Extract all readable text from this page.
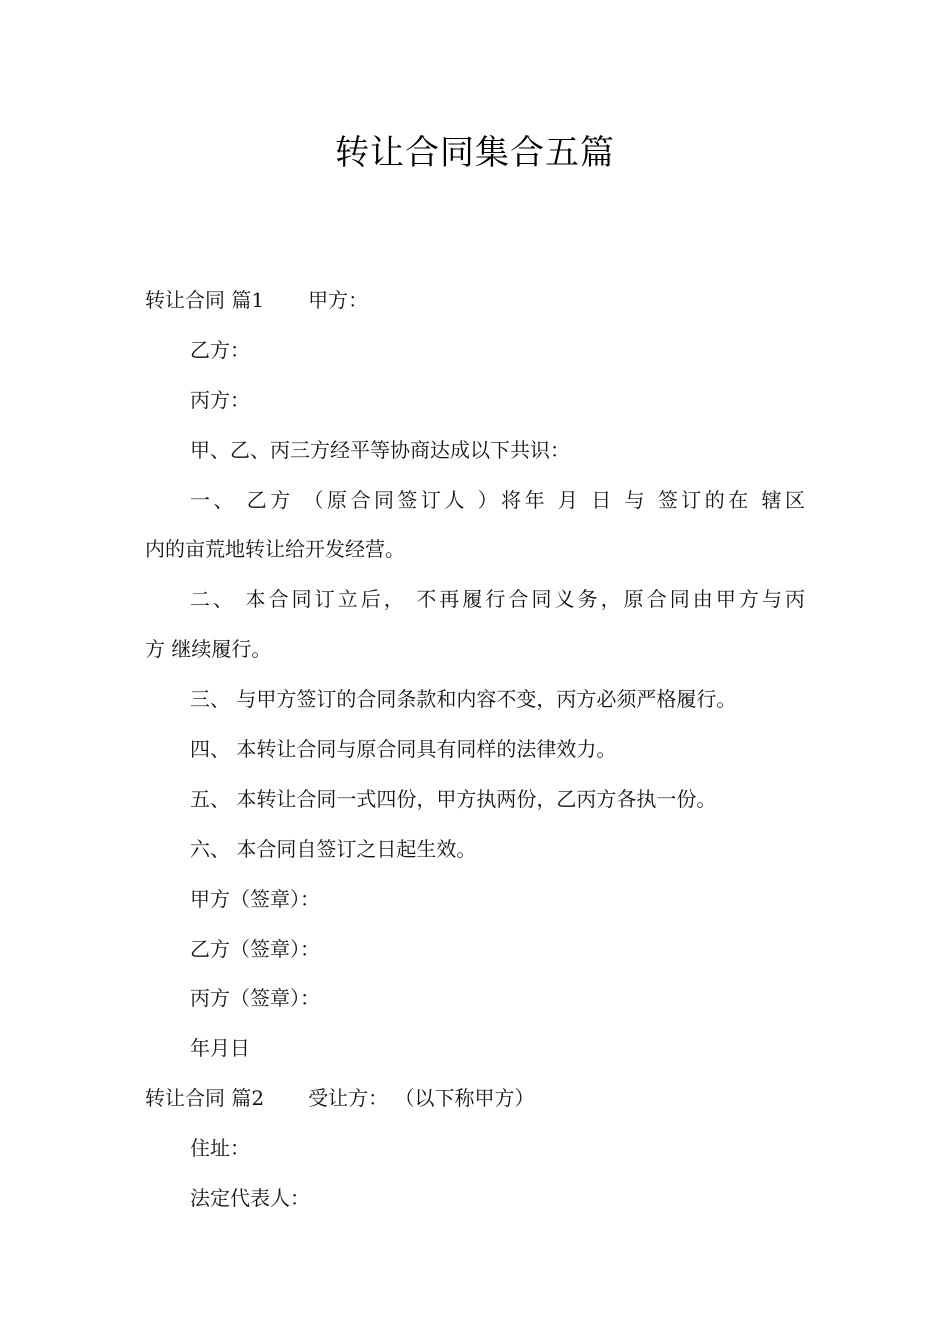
转让合同集合五篇
转让合同 篇1 甲方：
乙方：
丙方：
甲、乙、丙三方经平等协商达成以下共识：
一、 乙方 （原合同签订人 ）将年 月 日 与 签订的在 辖区
内的亩荒地转让给开发经营。
二、 本合同订立后， 不再履行合同义务，原合同由甲方与丙
方 继续履行。
三、 与甲方签订的合同条款和内容不变，丙方必须严格履行。
四、 本转让合同与原合同具有同样的法律效力。
五、 本转让合同一式四份，甲方执两份，乙丙方各执一份。
六、 本合同自签订之日起生效。
甲方（签章）：
乙方（签章）：
丙方（签章）：
年月日
转让合同 篇2 受让方： （以下称甲方）
住址：
法定代表人：
